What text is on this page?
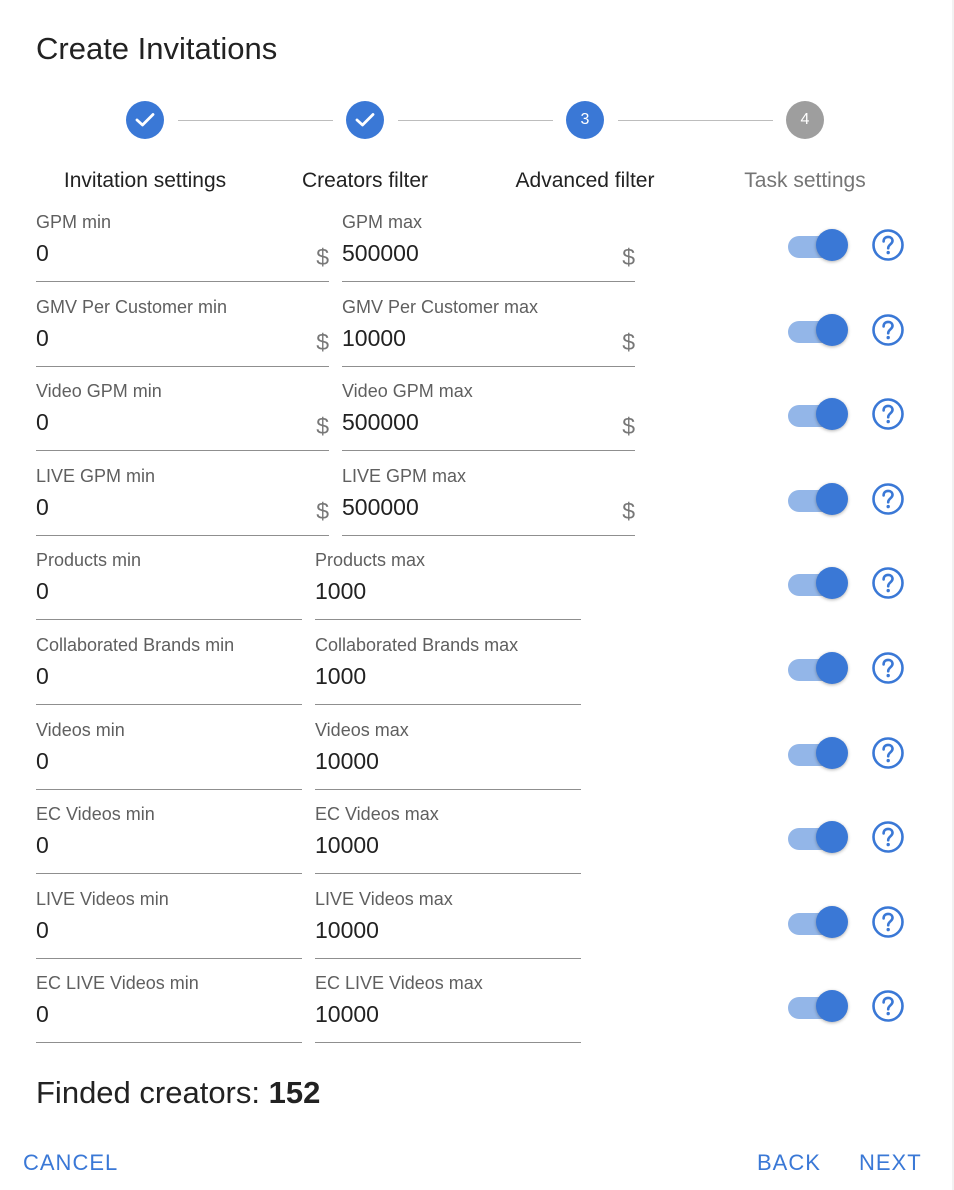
Create Invitations
3	4
Invitation settings	Creators filter	Advanced filter	Task settings
GPM min
0	$
GPM max
500000	$
GMV Per Customer min
0	$
GMV Per Customer max
10000	$
Video GPM min
0	$
Video GPM max
500000	$
LIVE GPM min
0	$
LIVE GPM max
500000	$
Products min
0
Products max
1000
Collaborated Brands min
0
Collaborated Brands max
1000
Videos min
0
Videos max
10000
EC Videos min
0
EC Videos max
10000
LIVE Videos min
0
LIVE Videos max
10000
EC LIVE Videos min
0
EC LIVE Videos max
10000
Finded creators: 152
CANCEL	BACK NEXT
